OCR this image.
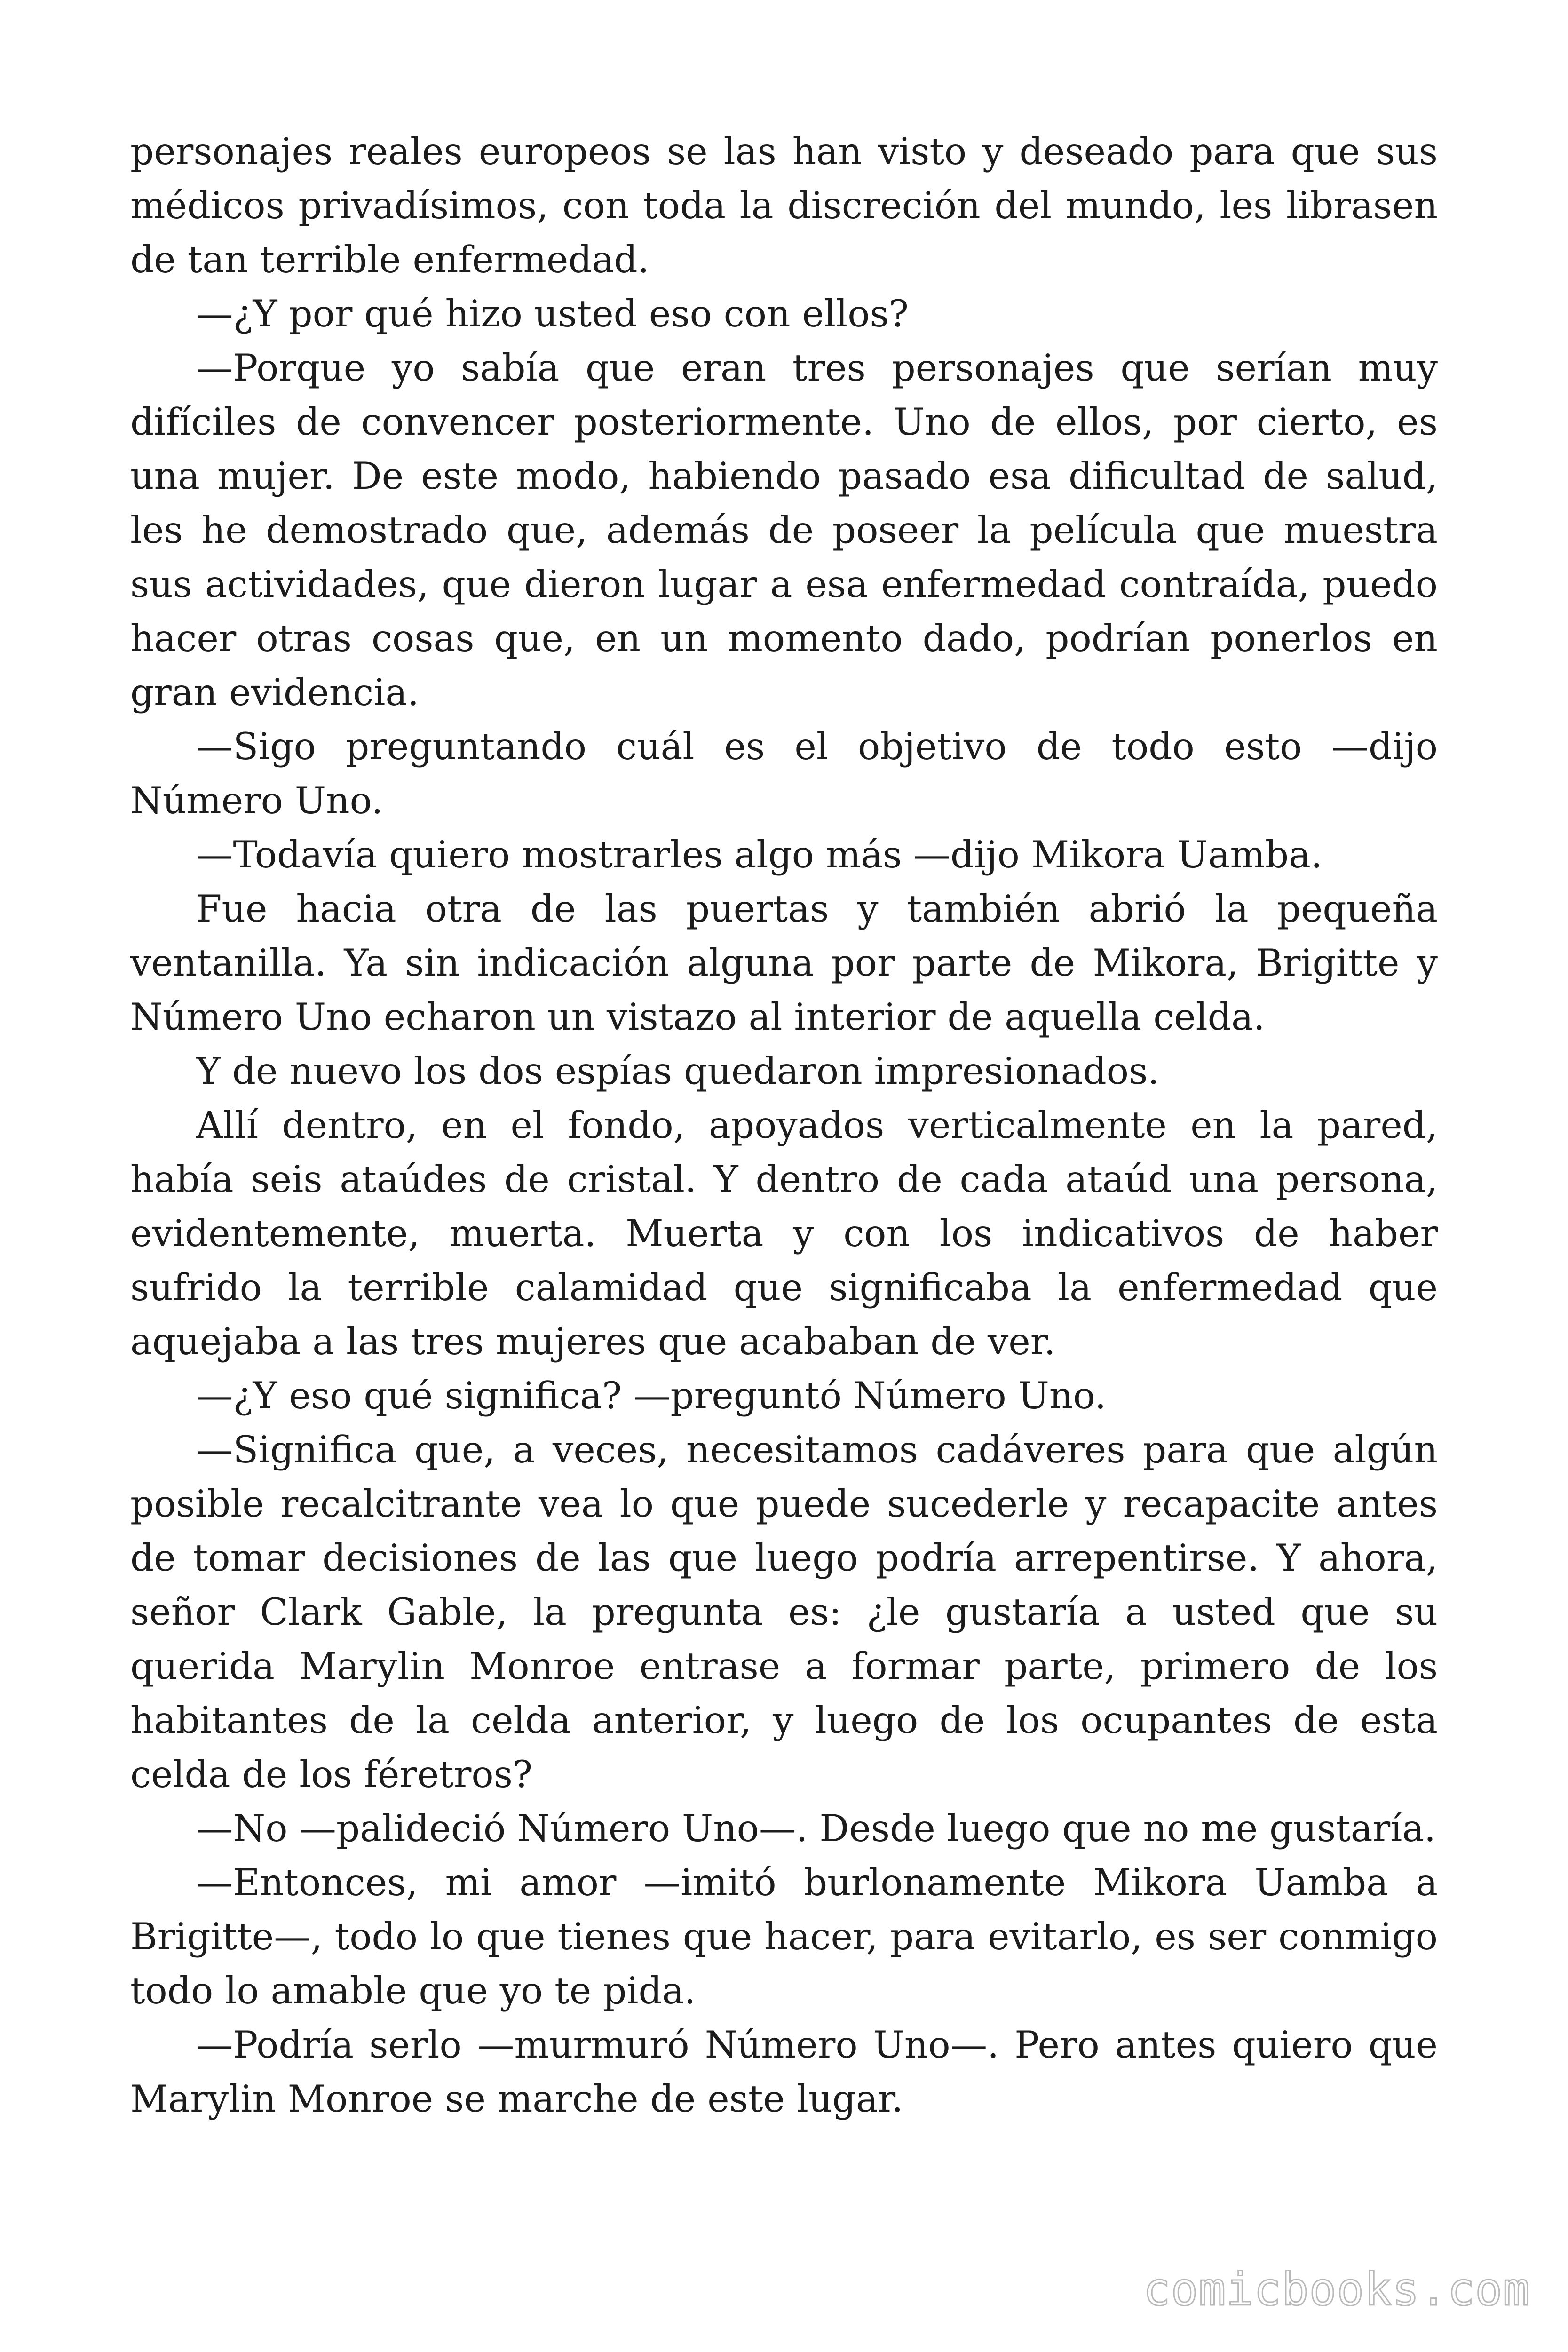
personajes reales europeos se las han visto y deseado para que sus médicos privadísimos, con toda la discreción del mundo, les librasen de tan terrible enfermedad.

—¿Y por qué hizo usted eso con ellos?

—Porque yo sabía que eran tres personajes que serían muy difíciles de convencer posteriormente. Uno de ellos, por cierto, es una mujer. De este modo, habiendo pasado esa dificultad de salud, les he demostrado que, además de poseer la película que muestra sus actividades, que dieron lugar a esa enfermedad contraída, puedo hacer otras cosas que, en un momento dado, podrían ponerlos en gran evidencia.

—Sigo preguntando cuál es el objetivo de todo esto —dijo Número Uno.

—Todavía quiero mostrarles algo más —dijo Mikora Uamba.

Fue hacia otra de las puertas y también abrió la pequeña ventanilla. Ya sin indicación alguna por parte de Mikora, Brigitte y Número Uno echaron un vistazo al interior de aquella celda.

Y de nuevo los dos espías quedaron impresionados.

Allí dentro, en el fondo, apoyados verticalmente en la pared, había seis ataúdes de cristal. Y dentro de cada ataúd una persona, evidentemente, muerta. Muerta y con los indicativos de haber sufrido la terrible calamidad que significaba la enfermedad que aquejaba a las tres mujeres que acababan de ver.

—¿Y eso qué significa? —preguntó Número Uno.

—Significa que, a veces, necesitamos cadáveres para que algún posible recalcitrante vea lo que puede sucederle y recapacite antes de tomar decisiones de las que luego podría arrepentirse. Y ahora, señor Clark Gable, la pregunta es: ¿le gustaría a usted que su querida Marylin Monroe entrase a formar parte, primero de los habitantes de la celda anterior, y luego de los ocupantes de esta celda de los féretros?

—No —palideció Número Uno—. Desde luego que no me gustaría.

—Entonces, mi amor —imitó burlonamente Mikora Uamba a Brigitte—, todo lo que tienes que hacer, para evitarlo, es ser conmigo todo lo amable que yo te pida.

—Podría serlo —murmuró Número Uno—. Pero antes quiero que Marylin Monroe se marche de este lugar.

comicbooks.com
